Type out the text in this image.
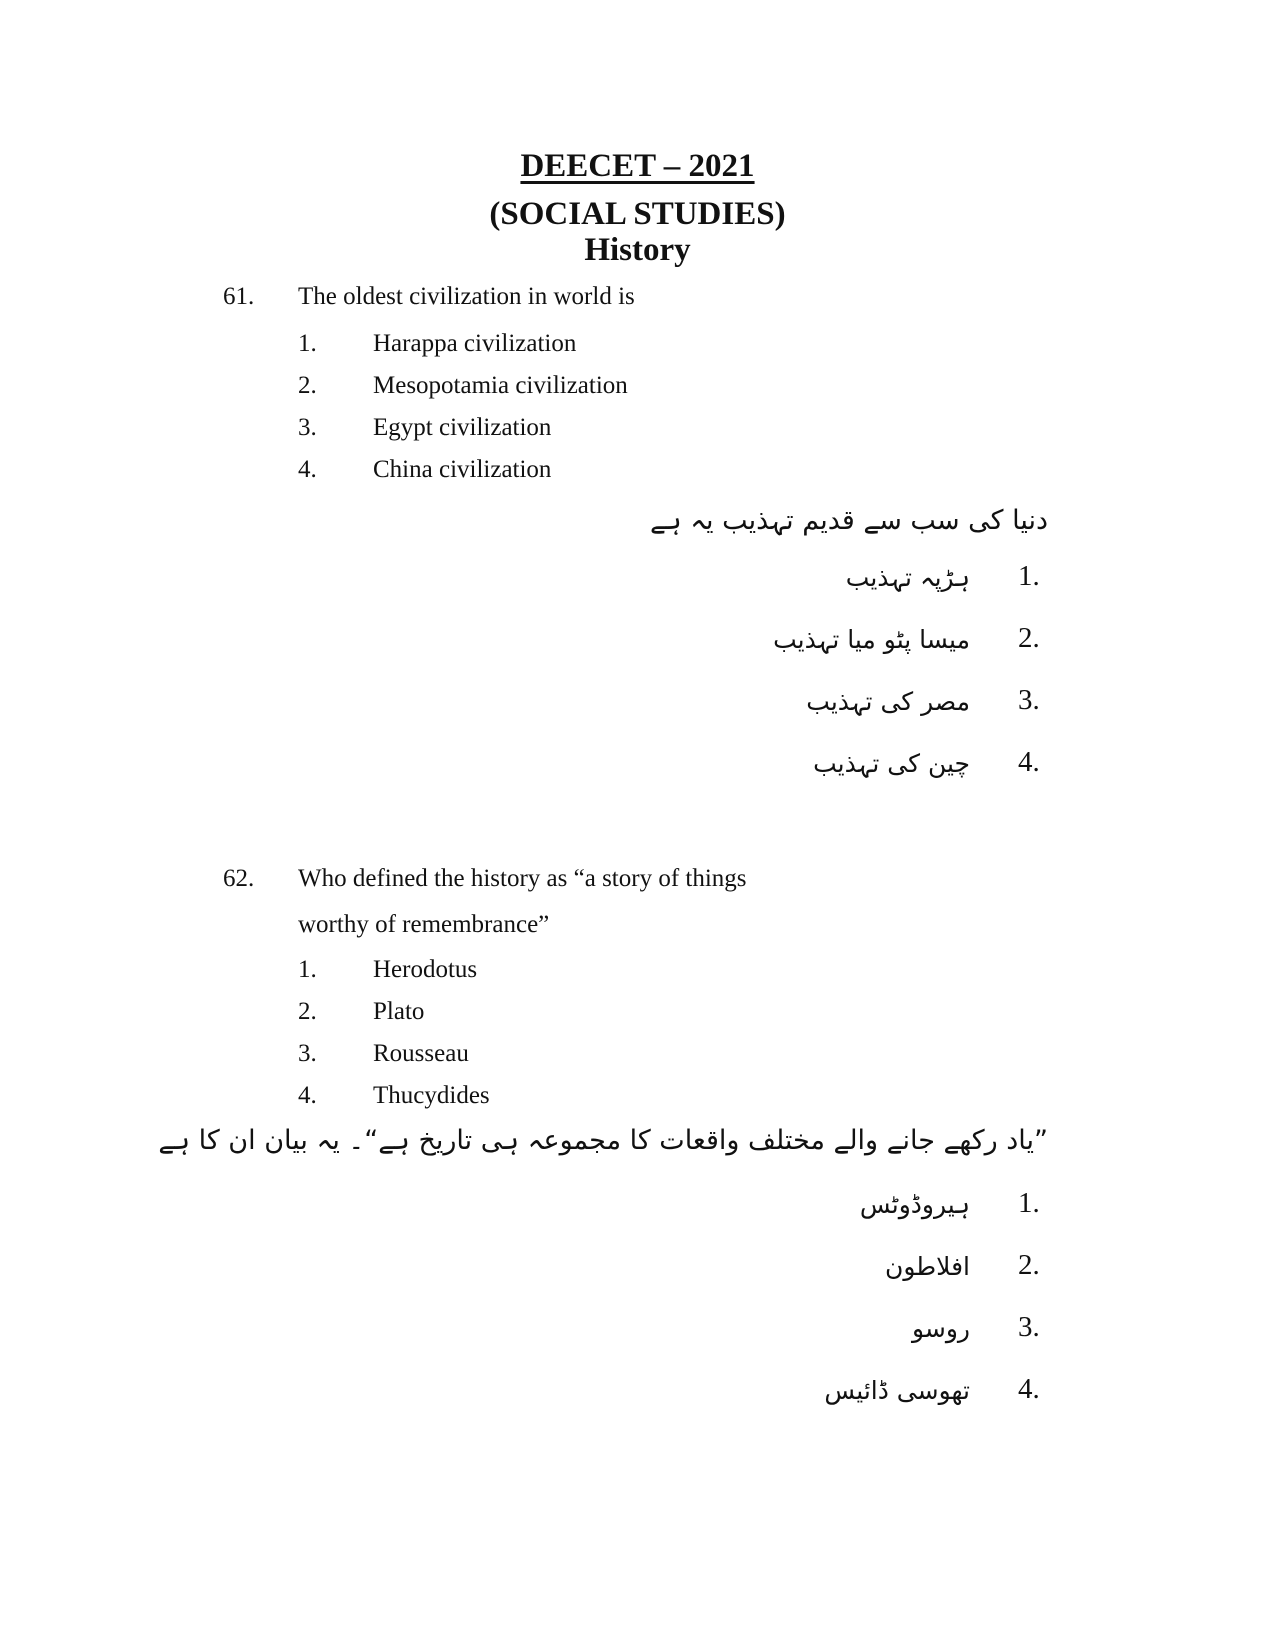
DEECET – 2021
(SOCIAL STUDIES)
History
61. The oldest civilization in world is
1. Harappa civilization
2. Mesopotamia civilization
3. Egypt civilization
4. China civilization
دنیا کی سب سے قدیم تہذیب یہ ہے
1.
ہڑپہ تہذیب
2.
میسا پٹو میا تہذیب
3.
مصر کی تہذیب
4.
چین کی تہذیب
62. Who defined the history as “a story of things
worthy of remembrance”
1. Herodotus
2. Plato
3. Rousseau
4. Thucydides
”یاد رکھے جانے والے مختلف واقعات کا مجموعہ ہی تاریخ ہے“۔ یہ بیان ان کا ہے
1.
ہیروڈوٹس
2.
افلاطون
3.
روسو
4.
تھوسی ڈائیس
